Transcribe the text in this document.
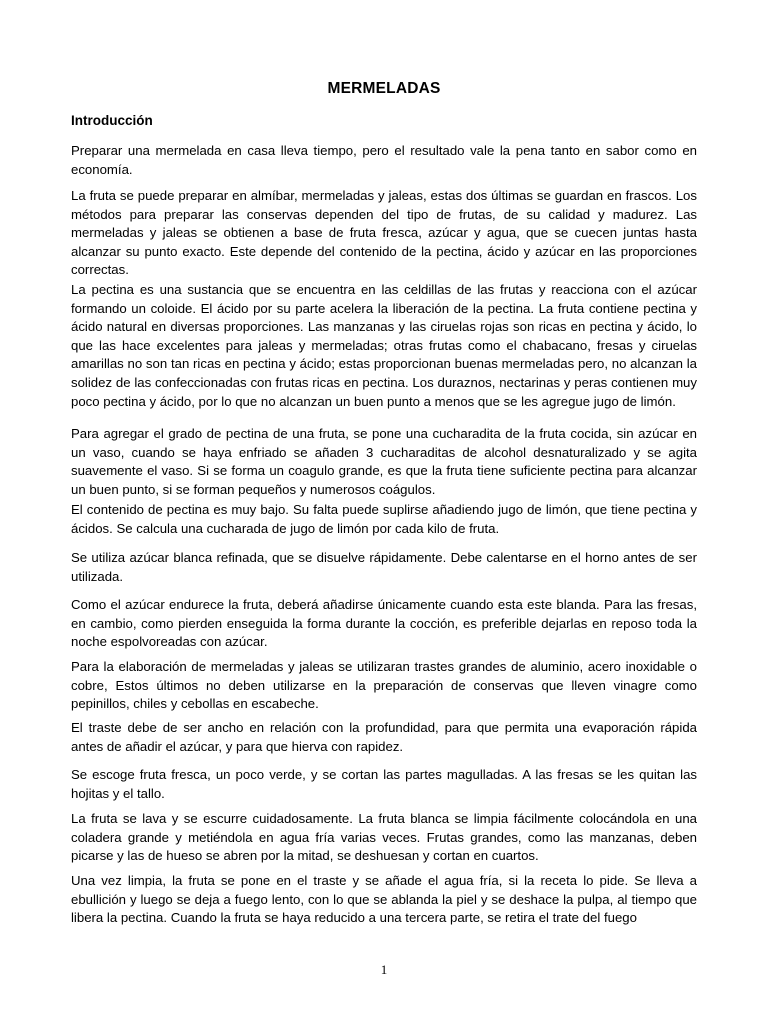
MERMELADAS
Introducción

Preparar una mermelada en casa lleva tiempo, pero el resultado vale la pena tanto en sabor como en economía.

La fruta se puede preparar en almíbar, mermeladas y jaleas, estas dos últimas se guardan en frascos. Los métodos para preparar las conservas dependen del tipo de frutas, de su calidad y madurez. Las mermeladas y jaleas se obtienen a base de fruta fresca, azúcar y agua, que se cuecen juntas hasta alcanzar su punto exacto. Este depende del contenido de la pectina, ácido y azúcar en las proporciones correctas.

La pectina es una sustancia que se encuentra en las celdillas de las frutas y reacciona con el azúcar formando un coloide. El ácido por su parte acelera la liberación de la pectina. La fruta contiene pectina y ácido natural en diversas proporciones. Las manzanas y las ciruelas rojas son ricas en pectina y ácido, lo que las hace excelentes para jaleas y mermeladas; otras frutas como el chabacano, fresas y ciruelas amarillas no son tan ricas en pectina y ácido; estas proporcionan buenas mermeladas pero, no alcanzan la solidez de las confeccionadas con frutas ricas en pectina. Los duraznos, nectarinas y peras contienen muy poco pectina y ácido, por lo que no alcanzan un buen punto a menos que se les agregue jugo de limón.

Para agregar el grado de pectina de una fruta, se pone una cucharadita de la fruta cocida, sin azúcar en un vaso, cuando se haya enfriado se añaden 3 cucharaditas de alcohol desnaturalizado y se agita suavemente el vaso. Si se forma un coagulo grande, es que la fruta tiene suficiente pectina para alcanzar un buen punto, si se forman pequeños y numerosos coágulos.

El contenido de pectina es muy bajo. Su falta puede suplirse añadiendo jugo de limón, que tiene pectina y ácidos. Se calcula una cucharada de jugo de limón por cada kilo de fruta.

Se utiliza azúcar blanca refinada, que se disuelve rápidamente. Debe calentarse en el horno antes de ser utilizada.

Como el azúcar endurece la fruta, deberá añadirse únicamente cuando esta este blanda. Para las fresas, en cambio, como pierden enseguida la forma durante la cocción, es preferible dejarlas en reposo toda la noche espolvoreadas con azúcar.

Para la elaboración de mermeladas y jaleas se utilizaran trastes grandes de aluminio, acero inoxidable o cobre, Estos últimos no deben utilizarse en la preparación de conservas que lleven vinagre como pepinillos, chiles y cebollas en escabeche.

El traste debe de ser ancho en relación con la profundidad, para que permita una evaporación rápida antes de añadir el azúcar, y para que hierva con rapidez.

Se escoge fruta fresca, un poco verde, y se cortan las partes magulladas. A las fresas se les quitan las hojitas y el tallo.

La fruta se lava y se escurre cuidadosamente. La fruta blanca se limpia fácilmente colocándola en una coladera grande y metiéndola en agua fría varias veces. Frutas grandes, como las manzanas, deben picarse y las de hueso se abren por la mitad, se deshuesan y cortan en cuartos.

Una vez limpia, la fruta se pone en el traste y se añade el agua fría, si la receta lo pide. Se lleva a ebullición y luego se deja a fuego lento, con lo que se ablanda la piel y se deshace la pulpa, al tiempo que libera la pectina. Cuando la fruta se haya reducido a una tercera parte, se retira el trate del fuego

1
